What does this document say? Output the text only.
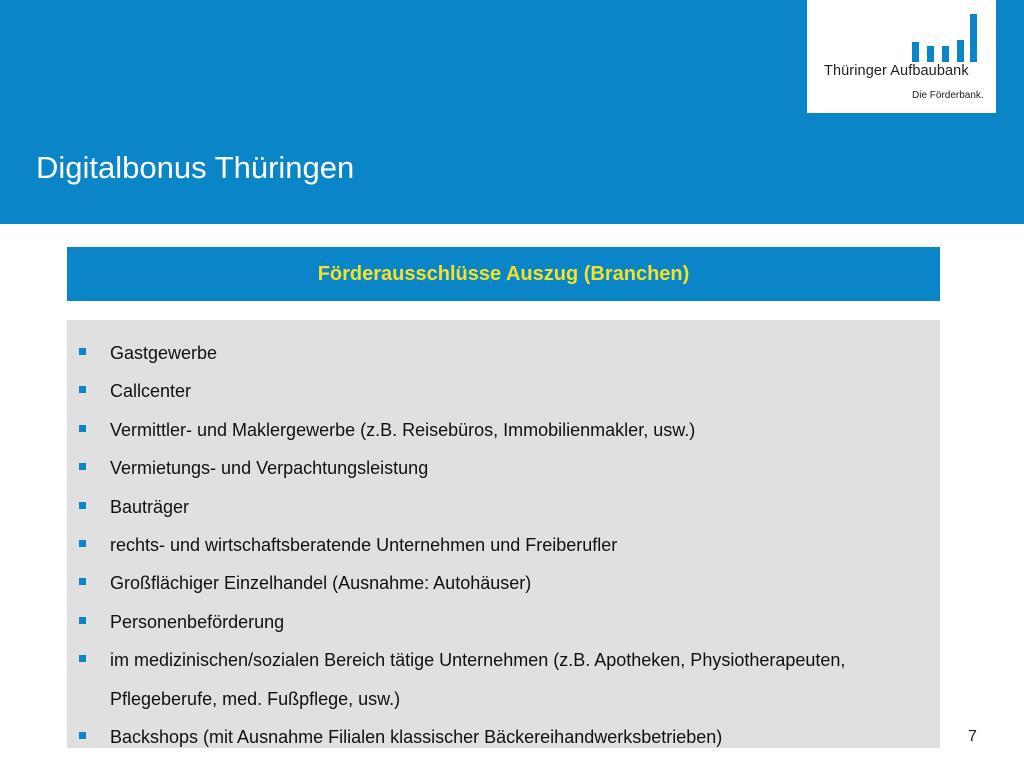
Digitalbonus Thüringen
Thüringer Aufbaubank
Die Förderbank.
Förderausschlüsse Auszug (Branchen)
Gastgewerbe
Callcenter
Vermittler- und Maklergewerbe (z.B. Reisebüros, Immobilienmakler, usw.)
Vermietungs- und Verpachtungsleistung
Bauträger
rechts- und wirtschaftsberatende Unternehmen und Freiberufler
Großflächiger Einzelhandel (Ausnahme: Autohäuser)
Personenbeförderung
im medizinischen/sozialen Bereich tätige Unternehmen (z.B. Apotheken, Physiotherapeuten, Pflegeberufe, med. Fußpflege, usw.)
Backshops (mit Ausnahme Filialen klassischer Bäckereihandwerksbetrieben)	7
